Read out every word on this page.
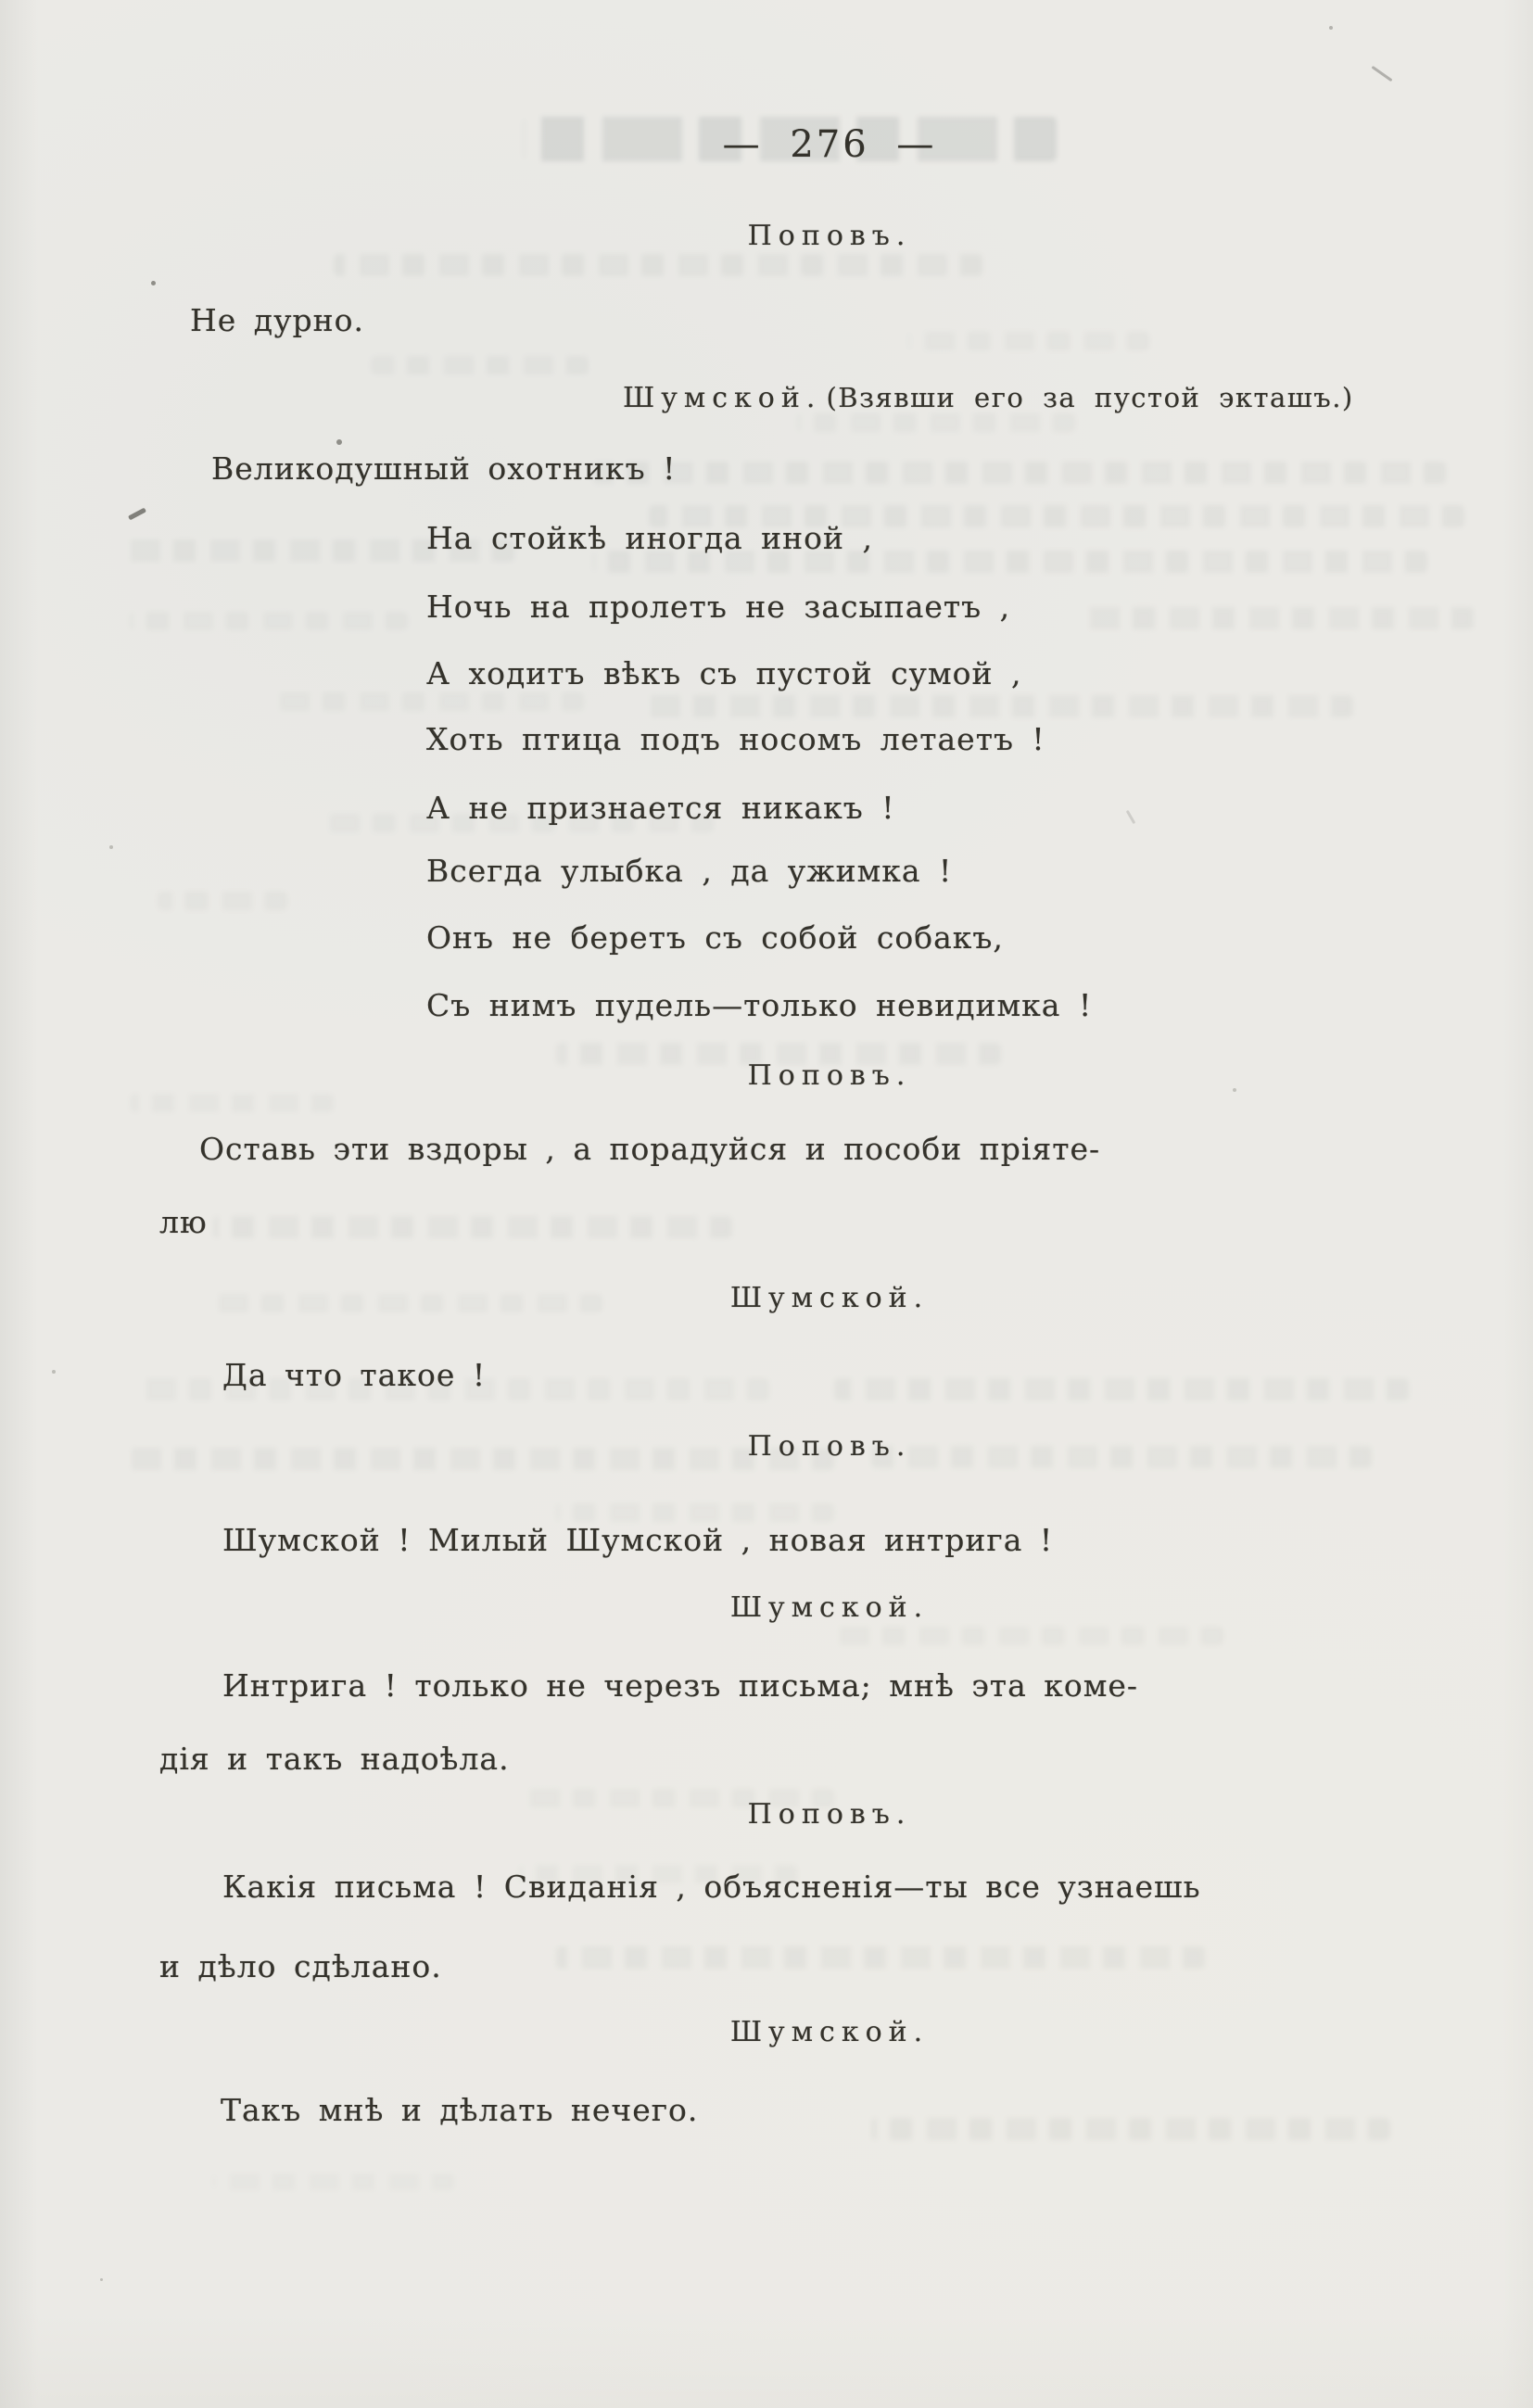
— 276 —
Поповъ.
Не дурно.
Шумской. (Взявши его за пустой экташъ.)
Великодушный охотникъ !
На стойкѣ иногда иной ,
Ночь на пролетъ не засыпаетъ ,
А ходитъ вѣкъ съ пустой сумой ,
Хоть птица подъ носомъ летаетъ !
А не признается никакъ !
Всегда улыбка , да ужимка !
Онъ не беретъ съ собой собакъ,
Съ нимъ пудель—только невидимка !
Поповъ.
Оставь эти вздоры , а порадуйся и пособи пріяте-
лю
Шумской.
Да что такое !
Поповъ.
Шумской ! Милый Шумской , новая интрига !
Шумской.
Интрига ! только не черезъ письма; мнѣ эта коме-
дія и такъ надоѣла.
Поповъ.
Какія письма ! Свиданія , объясненія—ты все узнаешь
и дѣло сдѣлано.
Шумской.
Такъ мнѣ и дѣлать нечего.
